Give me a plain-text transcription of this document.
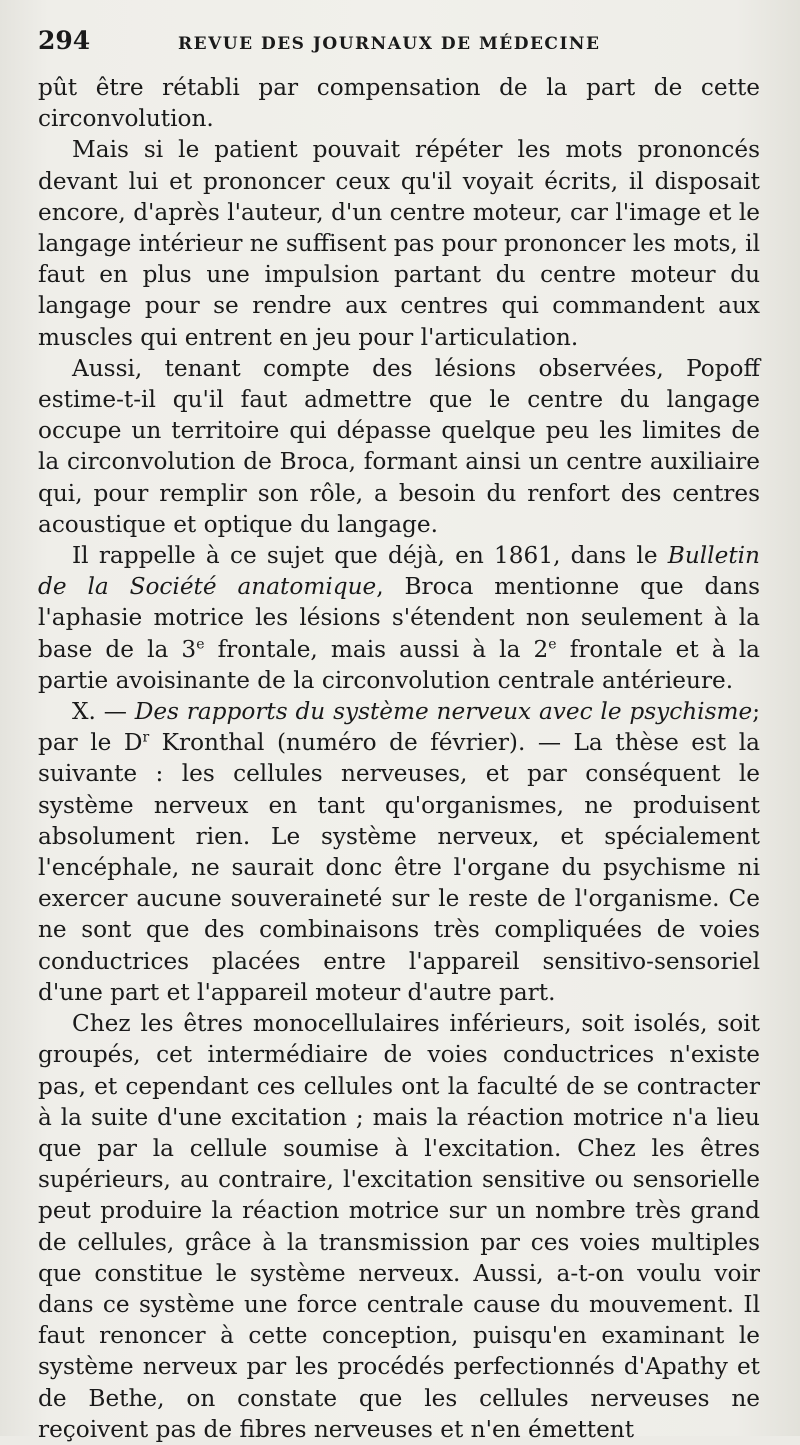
294	REVUE DES JOURNAUX DE MÉDECINE

pût être rétabli par compensation de la part de cette circonvolution.

Mais si le patient pouvait répéter les mots prononcés devant lui et prononcer ceux qu'il voyait écrits, il disposait encore, d'après l'auteur, d'un centre moteur, car l'image et le langage intérieur ne suffisent pas pour prononcer les mots, il faut en plus une impulsion partant du centre moteur du langage pour se rendre aux centres qui commandent aux muscles qui entrent en jeu pour l'articulation.

Aussi, tenant compte des lésions observées, Popoff estime-t-il qu'il faut admettre que le centre du langage occupe un territoire qui dépasse quelque peu les limites de la circonvolution de Broca, formant ainsi un centre auxiliaire qui, pour remplir son rôle, a besoin du renfort des centres acoustique et optique du langage.

Il rappelle à ce sujet que déjà, en 1861, dans le Bulletin de la Société anatomique, Broca mentionne que dans l'aphasie motrice les lésions s'étendent non seulement à la base de la 3e frontale, mais aussi à la 2e frontale et à la partie avoisinante de la circonvolution centrale antérieure.

X. — Des rapports du système nerveux avec le psychisme; par le $D^r$ Kronthal (numéro de février). — La thèse est la suivante : les cellules nerveuses, et par conséquent le système nerveux en tant qu'organismes, ne produisent absolument rien. Le système nerveux, et spécialement l'encéphale, ne saurait donc être l'organe du psychisme ni exercer aucune souveraineté sur le reste de l'organisme. Ce ne sont que des combinaisons très compliquées de voies conductrices placées entre l'appareil sensitivo-sensoriel d'une part et l'appareil moteur d'autre part.

Chez les êtres monocellulaires inférieurs, soit isolés, soit groupés, cet intermédiaire de voies conductrices n'existe pas, et cependant ces cellules ont la faculté de se contracter à la suite d'une excitation ; mais la réaction motrice n'a lieu que par la cellule soumise à l'excitation. Chez les êtres supérieurs, au contraire, l'excitation sensitive ou sensorielle peut produire la réaction motrice sur un nombre très grand de cellules, grâce à la transmission par ces voies multiples que constitue le système nerveux. Aussi, a-t-on voulu voir dans ce système une force centrale cause du mouvement. Il faut renoncer à cette conception, puisqu'en examinant le système nerveux par les procédés perfectionnés d'Apathy et de Bethe, on constate que les cellules nerveuses ne reçoivent pas de fibres nerveuses et n'en émettent
